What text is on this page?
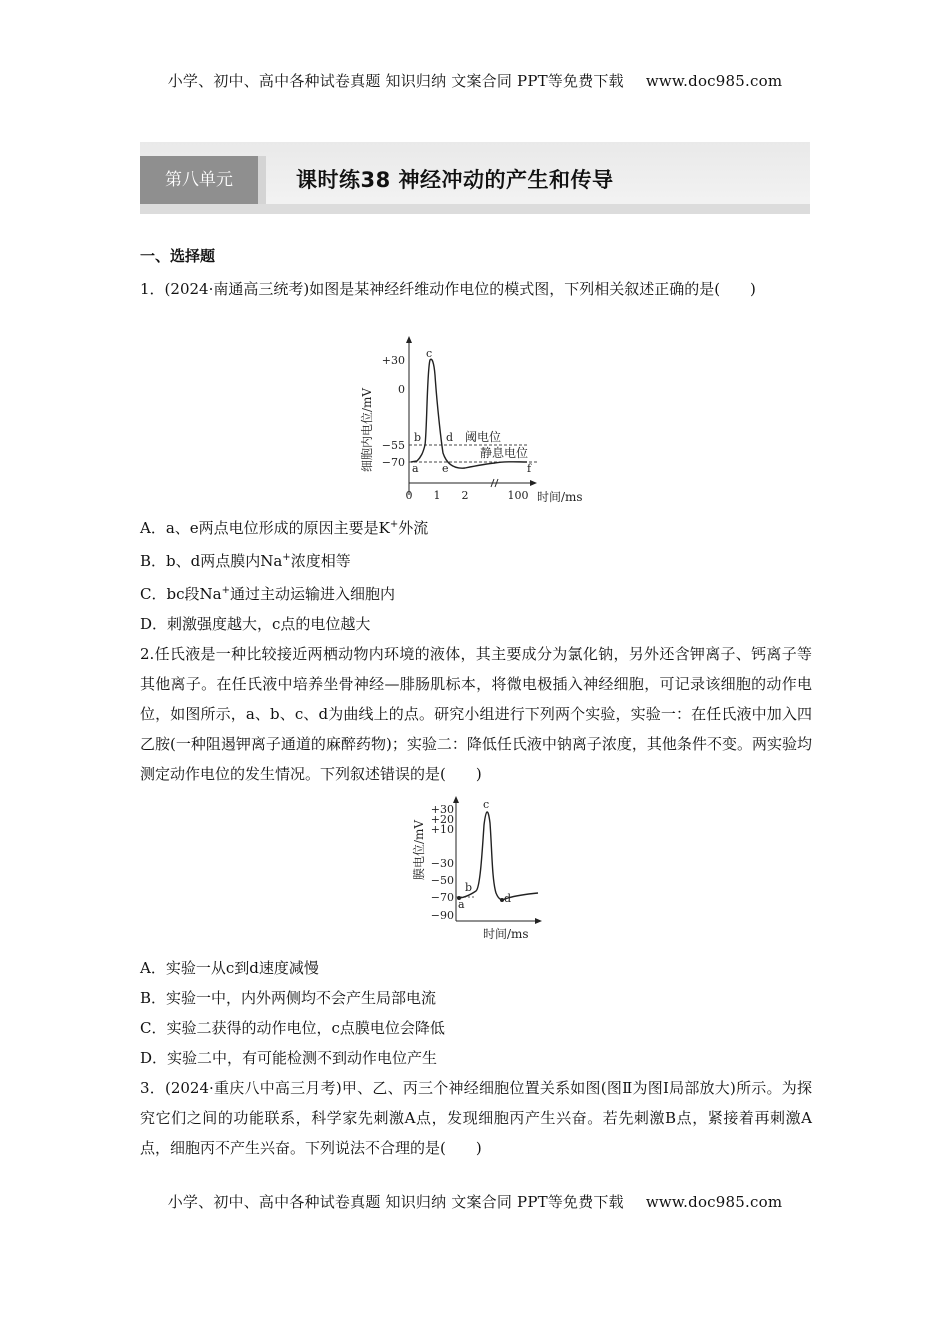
小学、初中、高中各种试卷真题 知识归纳 文案合同 PPT等免费下载 www.doc985.com
第八单元	课时练38 神经冲动的产生和传导

一、选择题

1．(2024·南通高三统考)如图是某神经纤维动作电位的模式图，下列相关叙述正确的是(　　)

A．a、e两点电位形成的原因主要是K+外流

B．b、d两点膜内Na+浓度相等

C．bc段Na+通过主动运输进入细胞内

D．刺激强度越大，c点的电位越大

2.任氏液是一种比较接近两栖动物内环境的液体，其主要成分为氯化钠，另外还含钾离子、钙离子等其他离子。在任氏液中培养坐骨神经—腓肠肌标本，将微电极插入神经细胞，可记录该细胞的动作电位，如图所示，a、b、c、d为曲线上的点。研究小组进行下列两个实验，实验一：在任氏液中加入四乙胺(一种阻遏钾离子通道的麻醉药物)；实验二：降低任氏液中钠离子浓度，其他条件不变。两实验均测定动作电位的发生情况。下列叙述错误的是(　　)

A．实验一从c到d速度减慢

B．实验一中，内外两侧均不会产生局部电流

C．实验二获得的动作电位，c点膜电位会降低

D．实验二中，有可能检测不到动作电位产生

3．(2024·重庆八中高三月考)甲、乙、丙三个神经细胞位置关系如图(图Ⅱ为图Ⅰ局部放大)所示。为探究它们之间的功能联系，科学家先刺激A点，发现细胞丙产生兴奋。若先刺激B点，紧接着再刺激A点，细胞丙不产生兴奋。下列说法不合理的是(　　)

细胞内电位/mV
时间/ms
+30
0
−55
−70
0 1 2	100
阈电位
静息电位
a
b
c
d
e	f
膜电位/mV
时间/ms
+30
+20
+10
−30
−50
−70
−90
a
b
c
d
小学、初中、高中各种试卷真题 知识归纳 文案合同 PPT等免费下载 www.doc985.com
